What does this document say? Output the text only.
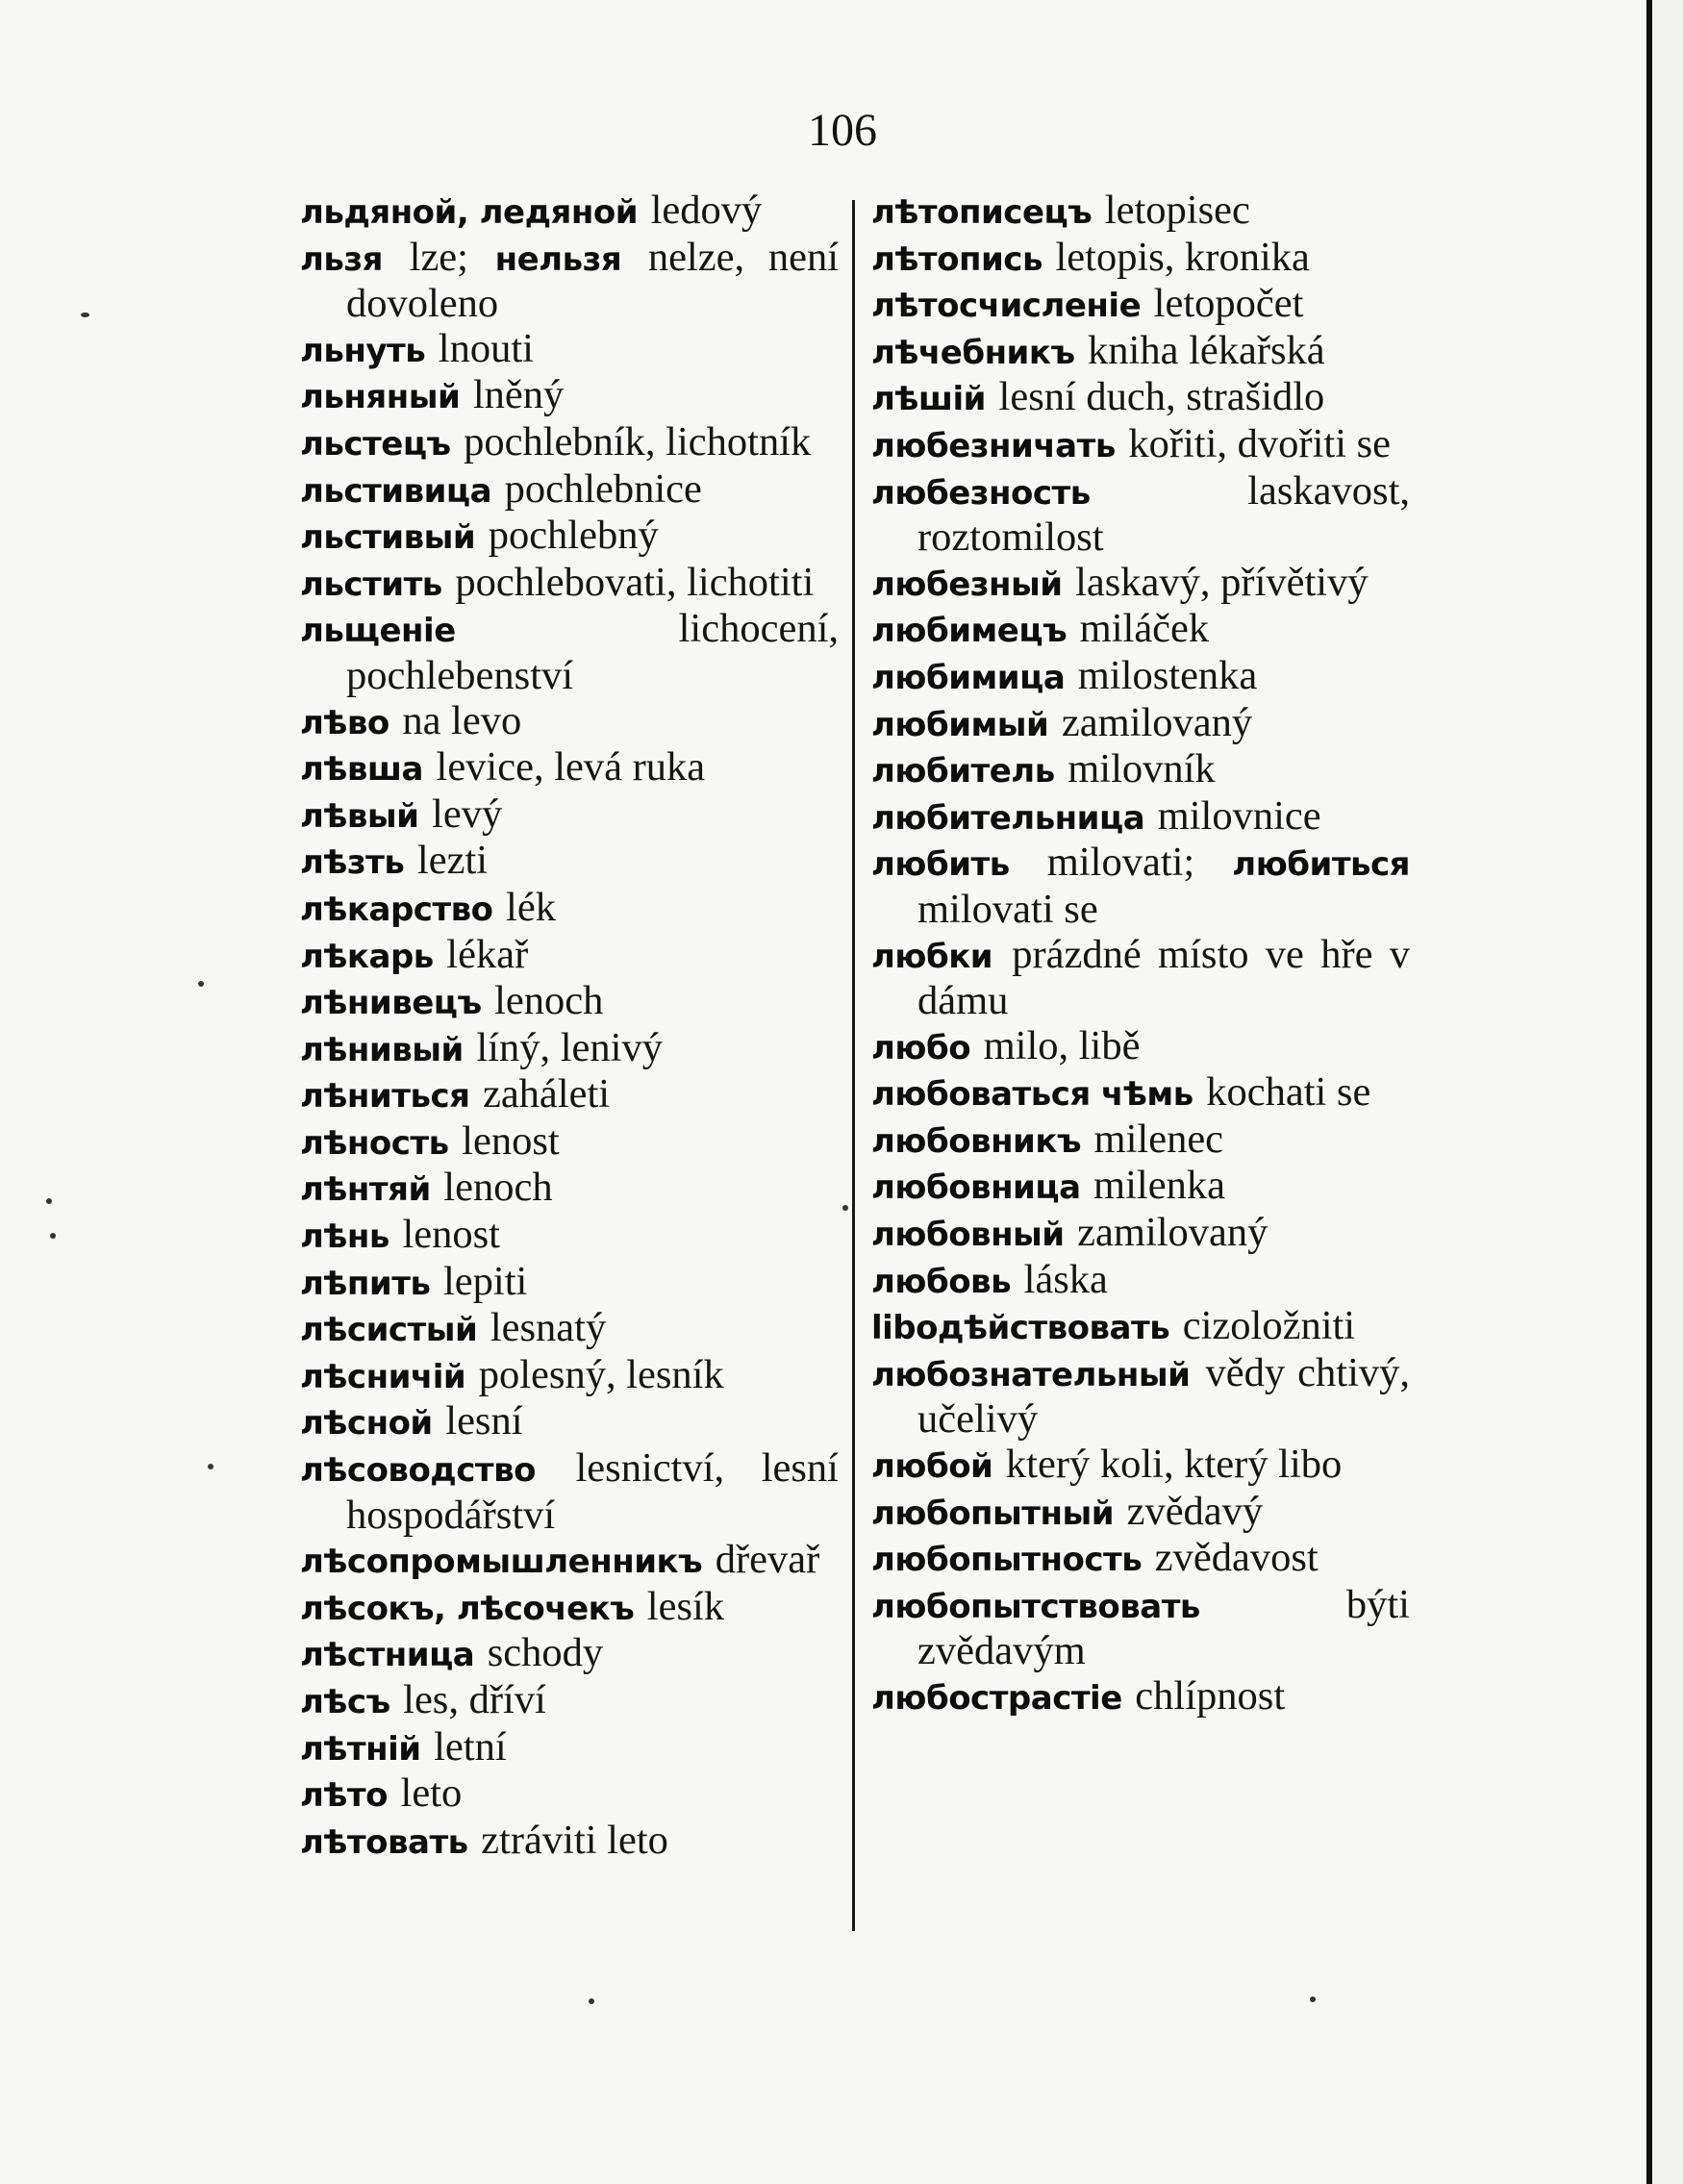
106
льдяной, ледяной ledový
льзя lze; нельзя nelze, není dovoleno
льнуть lnouti
льняный lněný
льстецъ pochlebník, lichotník
льстивица pochlebnice
льстивый pochlebný
льстить pochlebovati, lichotiti
льщеніе	lichocení, pochlebenství
лѣво na levo
лѣвша levice, levá ruka
лѣвый levý
лѣзть lezti
лѣкарство lék
лѣкарь lékař
лѣнивецъ lenoch
лѣнивый líný, lenivý
лѣниться zaháleti
лѣность lenost
лѣнтяй lenoch
лѣнь lenost
лѣпить lepiti
лѣсистый lesnatý
лѣсничій polesný, lesník
лѣсной lesní
лѣсоводство lesnictví, lesní hospodářství
лѣсопромышленникъ dřevař
лѣсокъ, лѣсочекъ lesík
лѣстница schody
лѣсъ les, dříví
лѣтній letní
лѣто leto
лѣтовать ztráviti leto
лѣтописецъ letopisec
лѣтопись letopis, kronika
лѣтосчисленіе letopočet
лѣчебникъ kniha lékařská
лѣшій lesní duch, strašidlo
любезничать kořiti, dvořiti se
любезность	laskavost, roztomilost
любезный laskavý, přívětivý
любимецъ miláček
любимица milostenka
любимый zamilovaný
любитель milovník
любительница milovnice
любить milovati; любиться milovati se
любки prázdné místo ve hře v dámu
любо milo, libě
любоваться чѣмь kochati se
любовникъ milenec
любовница milenka
любовный zamilovaný
любовь láska
libодѣйствовать cizoložniti
любознательный vědy chtivý, učelivý
любой který koli, který libo
любопытный zvědavý
любопытность zvědavost
любопытствовать	býti zvědavým
любострастіе chlípnost
